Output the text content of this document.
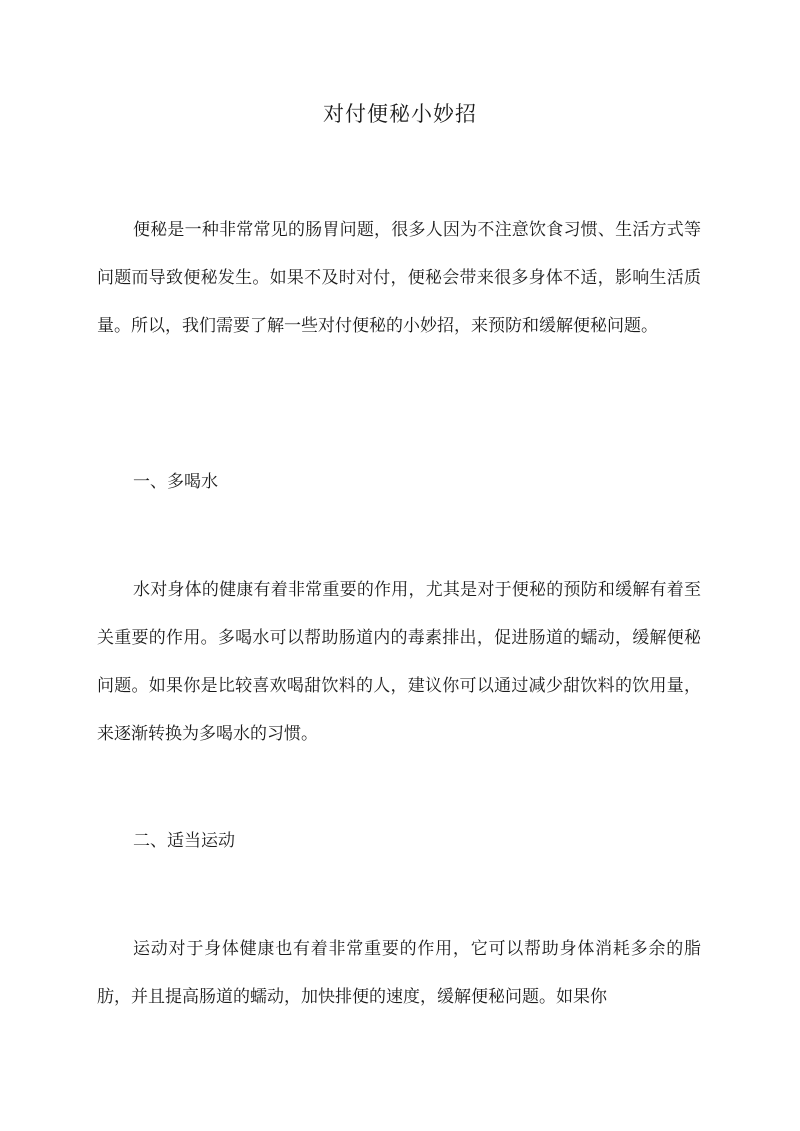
对付便秘小妙招

便秘是一种非常常见的肠胃问题，很多人因为不注意饮食习惯、生活方式等问题而导致便秘发生。如果不及时对付，便秘会带来很多身体不适，影响生活质量。所以，我们需要了解一些对付便秘的小妙招，来预防和缓解便秘问题。

一、多喝水

水对身体的健康有着非常重要的作用，尤其是对于便秘的预防和缓解有着至关重要的作用。多喝水可以帮助肠道内的毒素排出，促进肠道的蠕动，缓解便秘问题。如果你是比较喜欢喝甜饮料的人，建议你可以通过减少甜饮料的饮用量，来逐渐转换为多喝水的习惯。

二、适当运动

运动对于身体健康也有着非常重要的作用，它可以帮助身体消耗多余的脂肪，并且提高肠道的蠕动，加快排便的速度，缓解便秘问题。如果你
